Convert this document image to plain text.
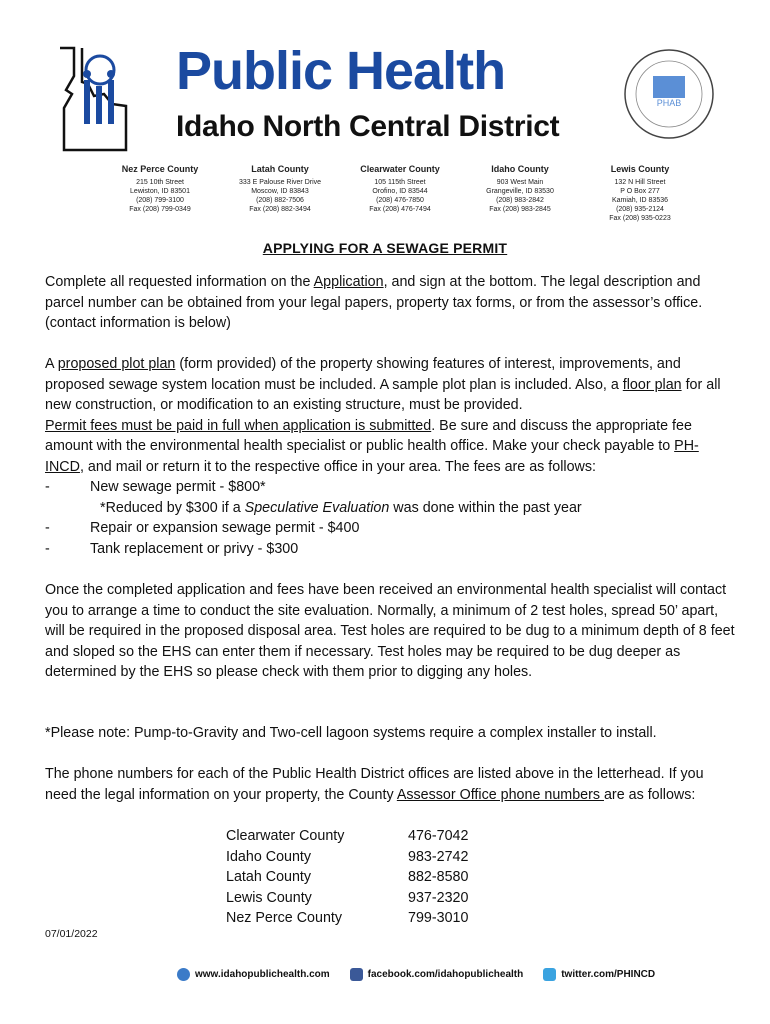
Public Health
Idaho North Central District
PHAB
Nez Perce County
215 10th Street
Lewiston, ID 83501
(208) 799-3100
Fax (208) 799-0349
Latah County
333 E Palouse River Drive
Moscow, ID 83843
(208) 882-7506
Fax (208) 882-3494
Clearwater County
105 115th Street
Orofino, ID 83544
(208) 476-7850
Fax (208) 476-7494
Idaho County
903 West Main
Grangeville, ID 83530
(208) 983-2842
Fax (208) 983-2845
Lewis County
132 N Hill Street
P O Box 277
Kamiah, ID 83536
(208) 935-2124
Fax (208) 935-0223
APPLYING FOR A SEWAGE PERMIT
Complete all requested information on the Application, and sign at the bottom. The legal description and parcel number can be obtained from your legal papers, property tax forms, or from the assessor’s office. (contact information is below)
A proposed plot plan (form provided) of the property showing features of interest, improvements, and proposed sewage system location must be included. A sample plot plan is included. Also, a floor plan for all new construction, or modification to an existing structure, must be provided.
Permit fees must be paid in full when application is submitted. Be sure and discuss the appropriate fee amount with the environmental health specialist or public health office. Make your check payable to PH-INCD, and mail or return it to the respective office in your area. The fees are as follows:
-	New sewage permit - $800*
*Reduced by $300 if a Speculative Evaluation was done within the past year
-	Repair or expansion sewage permit - $400
-	Tank replacement or privy - $300
Once the completed application and fees have been received an environmental health specialist will contact you to arrange a time to conduct the site evaluation. Normally, a minimum of 2 test holes, spread 50’ apart, will be required in the proposed disposal area. Test holes are required to be dug to a minimum depth of 8 feet and sloped so the EHS can enter them if necessary. Test holes may be required to be dug deeper as determined by the EHS so please check with them prior to digging any holes.
*Please note: Pump-to-Gravity and Two-cell lagoon systems require a complex installer to install.
The phone numbers for each of the Public Health District offices are listed above in the letterhead. If you need the legal information on your property, the County Assessor Office phone numbers are as follows:
Clearwater County	476-7042
Idaho County	983-2742
Latah County	882-8580
Lewis County	937-2320
Nez Perce County	799-3010
07/01/2022
www.idahopublichealth.com	facebook.com/idahopublichealth	twitter.com/PHINCD
